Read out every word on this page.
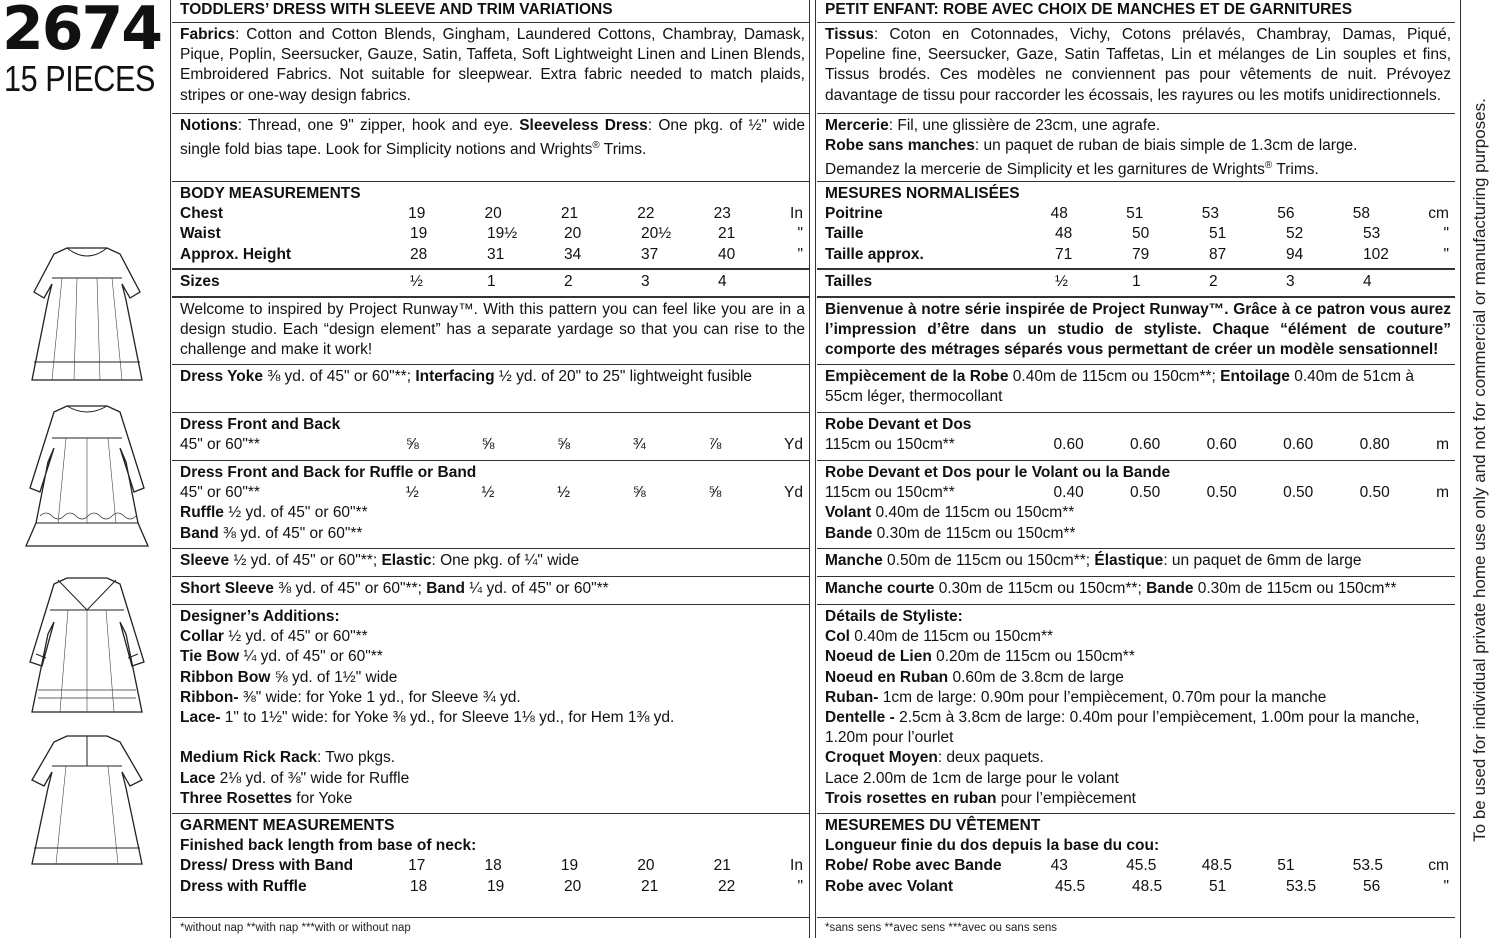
2674
15 PIECES
TODDLERS’ DRESS WITH SLEEVE AND TRIM VARIATIONS
Fabrics: Cotton and Cotton Blends, Gingham, Laundered Cottons, Chambray, Damask, Pique, Poplin, Seersucker, Gauze, Satin, Taffeta, Soft Lightweight Linen and Linen Blends, Embroidered Fabrics. Not suitable for sleepwear. Extra fabric needed to match plaids, stripes or one-way design fabrics.
Notions: Thread, one 9" zipper, hook and eye. Sleeveless Dress: One pkg. of ½" wide single fold bias tape. Look for Simplicity notions and Wrights® Trims.
BODY MEASUREMENTS
Chest	19	20	21	22	23	In
Waist	19	19½	20	20½	21	"
Approx. Height	28	31	34	37	40	"
Sizes	½	1	2	3	4
Welcome to inspired by Project Runway™. With this pattern you can feel like you are in a design studio. Each “design element” has a separate yardage so that you can rise to the challenge and make it work!
Dress Yoke ⅜ yd. of 45" or 60"**; Interfacing ½ yd. of 20" to 25" lightweight fusible
Dress Front and Back
45" or 60"**	⅝	⅝	⅝	¾	⅞	Yd
Dress Front and Back for Ruffle or Band
45" or 60"**	½	½	½	⅝	⅝	Yd
Ruffle ½ yd. of 45" or 60"**
Band ⅜ yd. of 45" or 60"**
Sleeve ½ yd. of 45" or 60"**; Elastic: One pkg. of ¼" wide
Short Sleeve ⅜ yd. of 45" or 60"**; Band ¼ yd. of 45" or 60"**
Designer’s Additions:
Collar ½ yd. of 45" or 60"**
Tie Bow ¼ yd. of 45" or 60"**
Ribbon Bow ⅝ yd. of 1½" wide
Ribbon- ⅜" wide: for Yoke 1 yd., for Sleeve ¾ yd.
Lace- 1" to 1½" wide: for Yoke ⅜ yd., for Sleeve 1⅛ yd., for Hem 1⅜ yd.
Medium Rick Rack: Two pkgs.
Lace 2⅛ yd. of ⅜" wide for Ruffle
Three Rosettes for Yoke
GARMENT MEASUREMENTS
Finished back length from base of neck:
Dress/ Dress with Band	17	18	19	20	21	In
Dress with Ruffle	18	19	20	21	22	"
PETIT ENFANT: ROBE AVEC CHOIX DE MANCHES ET DE GARNITURES
Tissus: Coton en Cotonnades, Vichy, Cotons prélavés, Chambray, Damas, Piqué, Popeline fine, Seersucker, Gaze, Satin Taffetas, Lin et mélanges de Lin souples et fins, Tissus brodés. Ces modèles ne conviennent pas pour vêtements de nuit. Prévoyez davantage de tissu pour raccorder les écossais, les rayures ou les motifs unidirectionnels.
Mercerie: Fil, une glissière de 23cm, une agrafe.
Robe sans manches: un paquet de ruban de biais simple de 1.3cm de large.
Demandez la mercerie de Simplicity et les garnitures de Wrights® Trims.
MESURES NORMALISÉES
Poitrine	48	51	53	56	58	cm
Taille	48	50	51	52	53	"
Taille approx.	71	79	87	94	102	"
Tailles	½	1	2	3	4
Bienvenue à notre série inspirée de Project Runway™. Grâce à ce patron vous aurez l’impression d’être dans un studio de styliste. Chaque “élément de couture” comporte des métrages séparés vous permettant de créer un modèle sensationnel!
Empiècement de la Robe 0.40m de 115cm ou 150cm**; Entoilage 0.40m de 51cm à 55cm léger, thermocollant
Robe Devant et Dos
115cm ou 150cm**	0.60	0.60	0.60	0.60	0.80	m
Robe Devant et Dos pour le Volant ou la Bande
115cm ou 150cm**	0.40	0.50	0.50	0.50	0.50	m
Volant 0.40m de 115cm ou 150cm**
Bande 0.30m de 115cm ou 150cm**
Manche 0.50m de 115cm ou 150cm**; Élastique: un paquet de 6mm de large
Manche courte 0.30m de 115cm ou 150cm**; Bande 0.30m de 115cm ou 150cm**
Détails de Styliste:
Col 0.40m de 115cm ou 150cm**
Noeud de Lien 0.20m de 115cm ou 150cm**
Noeud en Ruban 0.60m de 3.8cm de large
Ruban- 1cm de large: 0.90m pour l’empiècement, 0.70m pour la manche
Dentelle - 2.5cm à 3.8cm de large: 0.40m pour l’empiècement, 1.00m pour la manche, 1.20m pour l’ourlet
Croquet Moyen: deux paquets.
Lace 2.00m de 1cm de large pour le volant
Trois rosettes en ruban pour l’empiècement
MESUREMES DU VÊTEMENT
Longueur finie du dos depuis la base du cou:
Robe/ Robe avec Bande	43	45.5	48.5	51	53.5	cm
Robe avec Volant	45.5	48.5	51	53.5	56	"
*without nap **with nap ***with or without nap	*sans sens **avec sens ***avec ou sans sens
To be used for individual private home use only and not for commercial or manufacturing purposes.
